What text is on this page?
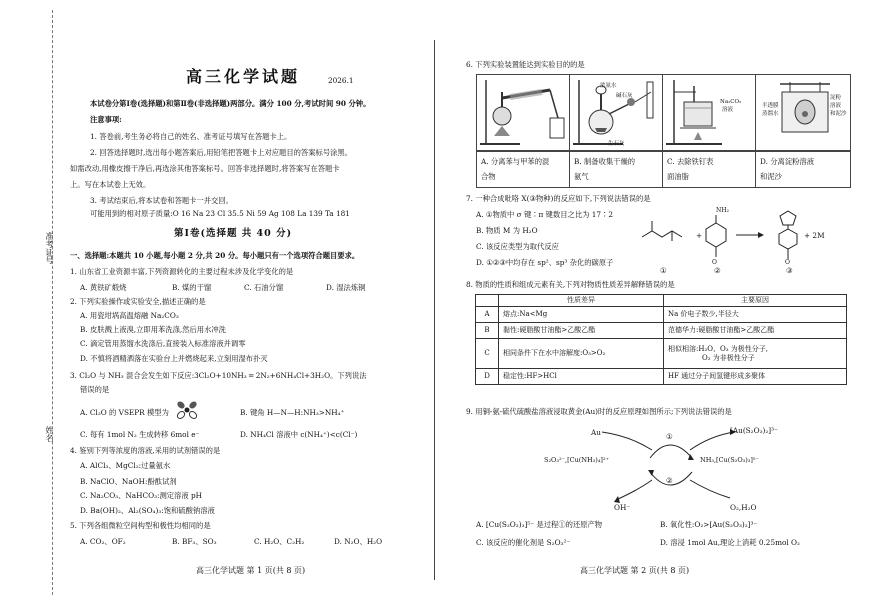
准考证号
姓名
高三化学试题	2026.1
本试卷分第Ⅰ卷(选择题)和第Ⅱ卷(非选择题)两部分。满分 100 分,考试时间 90 分钟。
注意事项:
1. 答卷前,考生务必将自己的姓名、准考证号填写在答题卡上。
2. 回答选择题时,选出每小题答案后,用铅笔把答题卡上对应题目的答案标号涂黑。
如需改动,用橡皮擦干净后,再选涂其他答案标号。回答非选择题时,将答案写在答题卡
上。写在本试卷上无效。
3. 考试结束后,将本试卷和答题卡一并交回。
可能用到的相对原子质量:O 16 Na 23 Cl 35.5 Ni 59 Ag 108 La 139 Ta 181
第Ⅰ卷(选择题 共 40 分)
一、选择题:本题共 10 小题,每小题 2 分,共 20 分。每小题只有一个选项符合题目要求。
1. 山东省工业资源丰富,下列资源转化的主要过程未涉及化学变化的是
A. 黄铁矿煅烧	B. 煤的干馏	C. 石油分馏	D. 湿法炼铜
2. 下列实验操作或实验安全,描述正确的是
A. 用瓷坩埚高温熔融 Na₂CO₃
B. 皮肤溅上液溴,立即用苯洗涤,然后用水冲洗
C. 滴定管用蒸馏水洗涤后,直接装入标准溶液并调零
D. 不慎将酒精洒落在实验台上并燃烧起来,立刻用湿布扑灭
3. Cl₂O 与 NH₃ 混合会发生如下反应:3Cl₂O+10NH₃ ═ 2N₂+6NH₄Cl+3H₂O。下列说法
错误的是
A. Cl₂O 的 VSEPR 模型为	B. 键角 H—N—H:NH₃>NH₄⁺
C. 每有 1mol N₂ 生成转移 6mol e⁻	D. NH₄Cl 溶液中 c(NH₄⁺)<c(Cl⁻)
4. 鉴别下列等浓度的溶液,采用的试剂错误的是
A. AlCl₃、MgCl₂:过量氨水
B. NaClO、NaOH:酚酞试剂
C. Na₂CO₃、NaHCO₃:测定溶液 pH
D. Ba(OH)₂、Al₂(SO₄)₃:饱和硫酸钠溶液
5. 下列各组微粒空间构型和极性均相同的是
A. CO₂、OF₂	B. BF₃、SO₃	C. H₂O、C₂H₂	D. N₂O、H₂O
高三化学试题 第 1 页(共 8 页)
6. 下列实验装置能达到实验目的的是
浓氨水
碱石灰
生石灰
Na₂CO₃
溶液
半透膜
蒸馏水
淀粉
溶液
和泥沙
A. 分离苯与甲苯的混
合物
B. 制备收集干燥的
氨气
C. 去除铁钉表
面油脂
D. 分离淀粉溶液
和泥沙
7. 一种合成吡咯 X(③物种)的反应如下,下列说法错误的是
A. ①物质中 σ 键∶π 键数目之比为 17∶2
B. 物质 M 为 H₂O
C. 该反应类型为取代反应
D. ①②③中均存在 sp²、sp³ 杂化的碳原子
NH₂
O	O
+	+ 2M
①	②	③
8. 物质的性质和组成元素有关,下列对物质性质差异解释错误的是
	性质差异	主要原因
A	熔点:Na<Mg	Na 价电子数少,半径大
B	黏性:硬脂酸甘油酯>乙酸乙酯	范德华力:硬脂酸甘油酯>乙酸乙酯
C	相同条件下在水中溶解度:O₃>O₂	相似相溶:H₂O、O₃ 为极性分子,
O₂ 为非极性分子

D	稳定性:HF>HCl	HF 通过分子间氢键形成多聚体
9. 用铜-氨-硫代硫酸盐溶液浸取黄金(Au)时的反应原理如图所示;下列说法错误的是
Au	[Au(S₂O₃)₂]³⁻
S₂O₃²⁻,[Cu(NH₃)₄]²⁺	NH₃,[Cu(S₂O₃)₃]⁵⁻
①
②
OH⁻	O₂,H₂O
A. [Cu(S₂O₃)₃]⁵⁻ 是过程①的还原产物	B. 氧化性:O₂>[Au(S₂O₃)₂]³⁻
C. 该反应的催化剂是 S₂O₃²⁻	D. 溶浸 1mol Au,理论上消耗 0.25mol O₂
高三化学试题 第 2 页(共 8 页)
